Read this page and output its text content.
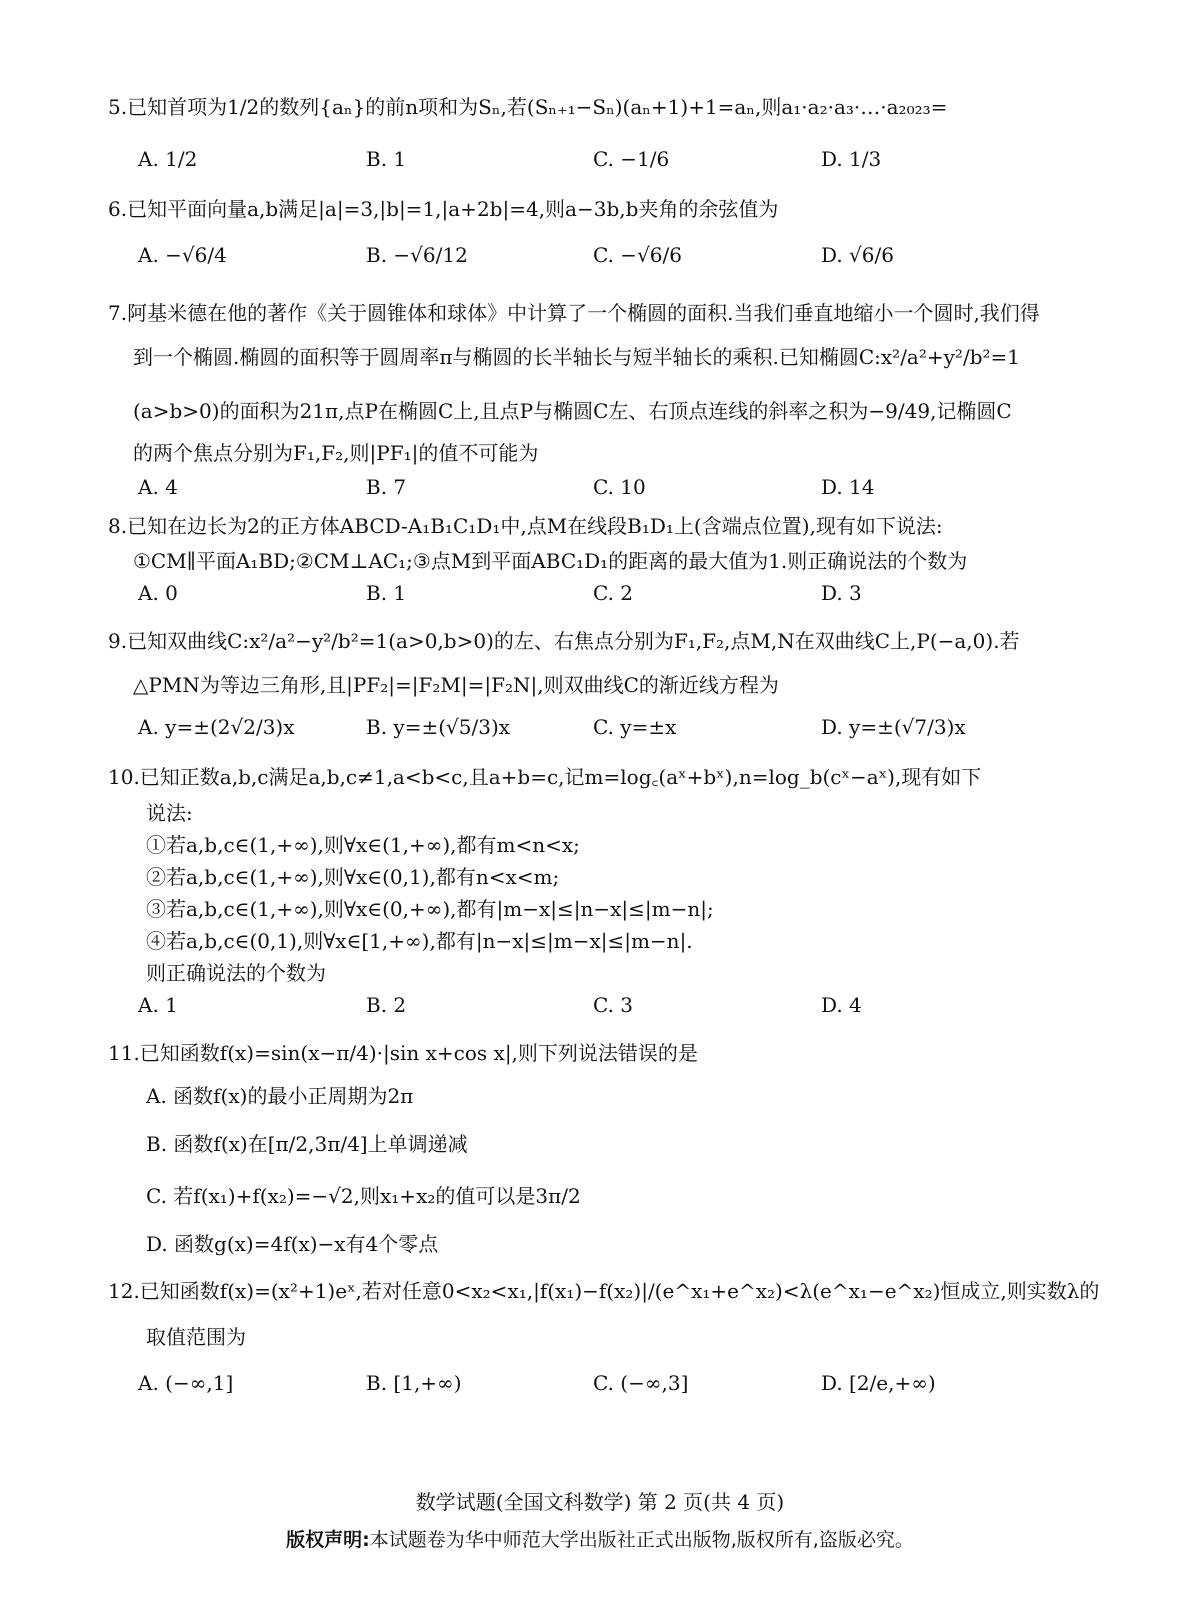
5.已知首项为1/2的数列{aₙ}的前n项和为Sₙ,若(Sₙ₊₁−Sₙ)(aₙ+1)+1=aₙ,则a₁·a₂·a₃·…·a₂₀₂₃=
A. 1/2	B. 1	C. −1/6	D. 1/3
6.已知平面向量a,b满足|a|=3,|b|=1,|a+2b|=4,则a−3b,b夹角的余弦值为
A. −√6/4	B. −√6/12	C. −√6/6	D. √6/6
7.阿基米德在他的著作《关于圆锥体和球体》中计算了一个椭圆的面积.当我们垂直地缩小一个圆时,我们得
到一个椭圆.椭圆的面积等于圆周率π与椭圆的长半轴长与短半轴长的乘积.已知椭圆C:x²/a²+y²/b²=1
(a>b>0)的面积为21π,点P在椭圆C上,且点P与椭圆C左、右顶点连线的斜率之积为−9/49,记椭圆C
的两个焦点分别为F₁,F₂,则|PF₁|的值不可能为
A. 4	B. 7	C. 10	D. 14
8.已知在边长为2的正方体ABCD-A₁B₁C₁D₁中,点M在线段B₁D₁上(含端点位置),现有如下说法:
①CM∥平面A₁BD;②CM⊥AC₁;③点M到平面ABC₁D₁的距离的最大值为1.则正确说法的个数为
A. 0	B. 1	C. 2	D. 3
9.已知双曲线C:x²/a²−y²/b²=1(a>0,b>0)的左、右焦点分别为F₁,F₂,点M,N在双曲线C上,P(−a,0).若
△PMN为等边三角形,且|PF₂|=|F₂M|=|F₂N|,则双曲线C的渐近线方程为
A. y=±(2√2/3)x	B. y=±(√5/3)x	C. y=±x	D. y=±(√7/3)x
10.已知正数a,b,c满足a,b,c≠1,a<b<c,且a+b=c,记m=log꜀(aˣ+bˣ),n=log_b(cˣ−aˣ),现有如下
说法:
①若a,b,c∈(1,+∞),则∀x∈(1,+∞),都有m<n<x;
②若a,b,c∈(1,+∞),则∀x∈(0,1),都有n<x<m;
③若a,b,c∈(1,+∞),则∀x∈(0,+∞),都有|m−x|≤|n−x|≤|m−n|;
④若a,b,c∈(0,1),则∀x∈[1,+∞),都有|n−x|≤|m−x|≤|m−n|.
则正确说法的个数为
A. 1	B. 2	C. 3	D. 4
11.已知函数f(x)=sin(x−π/4)·|sin x+cos x|,则下列说法错误的是
A. 函数f(x)的最小正周期为2π
B. 函数f(x)在[π/2,3π/4]上单调递减
C. 若f(x₁)+f(x₂)=−√2,则x₁+x₂的值可以是3π/2
D. 函数g(x)=4f(x)−x有4个零点
12.已知函数f(x)=(x²+1)eˣ,若对任意0<x₂<x₁,|f(x₁)−f(x₂)|/(e^x₁+e^x₂)<λ(e^x₁−e^x₂)恒成立,则实数λ的
取值范围为
A. (−∞,1]	B. [1,+∞)	C. (−∞,3]	D. [2/e,+∞)
数学试题(全国文科数学) 第 2 页(共 4 页)
版权声明:本试题卷为华中师范大学出版社正式出版物,版权所有,盗版必究。
